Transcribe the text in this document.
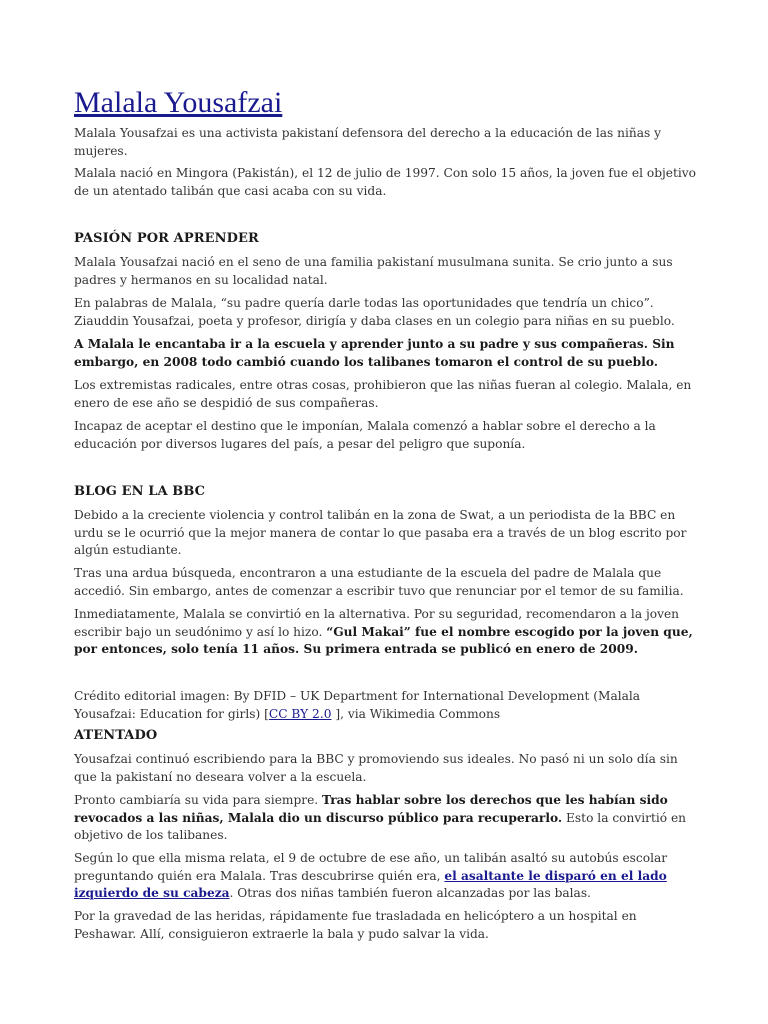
Malala Yousafzai

Malala Yousafzai es una activista pakistaní defensora del derecho a la educación de las niñas y mujeres.

Malala nació en Mingora (Pakistán), el 12 de julio de 1997. Con solo 15 años, la joven fue el objetivo de un atentado talibán que casi acaba con su vida.

PASIÓN POR APRENDER

Malala Yousafzai nació en el seno de una familia pakistaní musulmana sunita. Se crio junto a sus padres y hermanos en su localidad natal.

En palabras de Malala, “su padre quería darle todas las oportunidades que tendría un chico”. Ziauddin Yousafzai, poeta y profesor, dirigía y daba clases en un colegio para niñas en su pueblo.

A Malala le encantaba ir a la escuela y aprender junto a su padre y sus compañeras. Sin embargo, en 2008 todo cambió cuando los talibanes tomaron el control de su pueblo.

Los extremistas radicales, entre otras cosas, prohibieron que las niñas fueran al colegio. Malala, en enero de ese año se despidió de sus compañeras.

Incapaz de aceptar el destino que le imponían, Malala comenzó a hablar sobre el derecho a la educación por diversos lugares del país, a pesar del peligro que suponía.

BLOG EN LA BBC

Debido a la creciente violencia y control talibán en la zona de Swat, a un periodista de la BBC en urdu se le ocurrió que la mejor manera de contar lo que pasaba era a través de un blog escrito por algún estudiante.

Tras una ardua búsqueda, encontraron a una estudiante de la escuela del padre de Malala que accedió. Sin embargo, antes de comenzar a escribir tuvo que renunciar por el temor de su familia.

Inmediatamente, Malala se convirtió en la alternativa. Por su seguridad, recomendaron a la joven escribir bajo un seudónimo y así lo hizo. “Gul Makai” fue el nombre escogido por la joven que, por entonces, solo tenía 11 años. Su primera entrada se publicó en enero de 2009.

Crédito editorial imagen: By DFID – UK Department for International Development (Malala Yousafzai: Education for girls) [CC BY 2.0 ], via Wikimedia Commons

ATENTADO

Yousafzai continuó escribiendo para la BBC y promoviendo sus ideales. No pasó ni un solo día sin que la pakistaní no deseara volver a la escuela.

Pronto cambiaría su vida para siempre. Tras hablar sobre los derechos que les habían sido revocados a las niñas, Malala dio un discurso público para recuperarlo. Esto la convirtió en objetivo de los talibanes.

Según lo que ella misma relata, el 9 de octubre de ese año, un talibán asaltó su autobús escolar preguntando quién era Malala. Tras descubrirse quién era, el asaltante le disparó en el lado izquierdo de su cabeza. Otras dos niñas también fueron alcanzadas por las balas.

Por la gravedad de las heridas, rápidamente fue trasladada en helicóptero a un hospital en Peshawar. Allí, consiguieron extraerle la bala y pudo salvar la vida.
